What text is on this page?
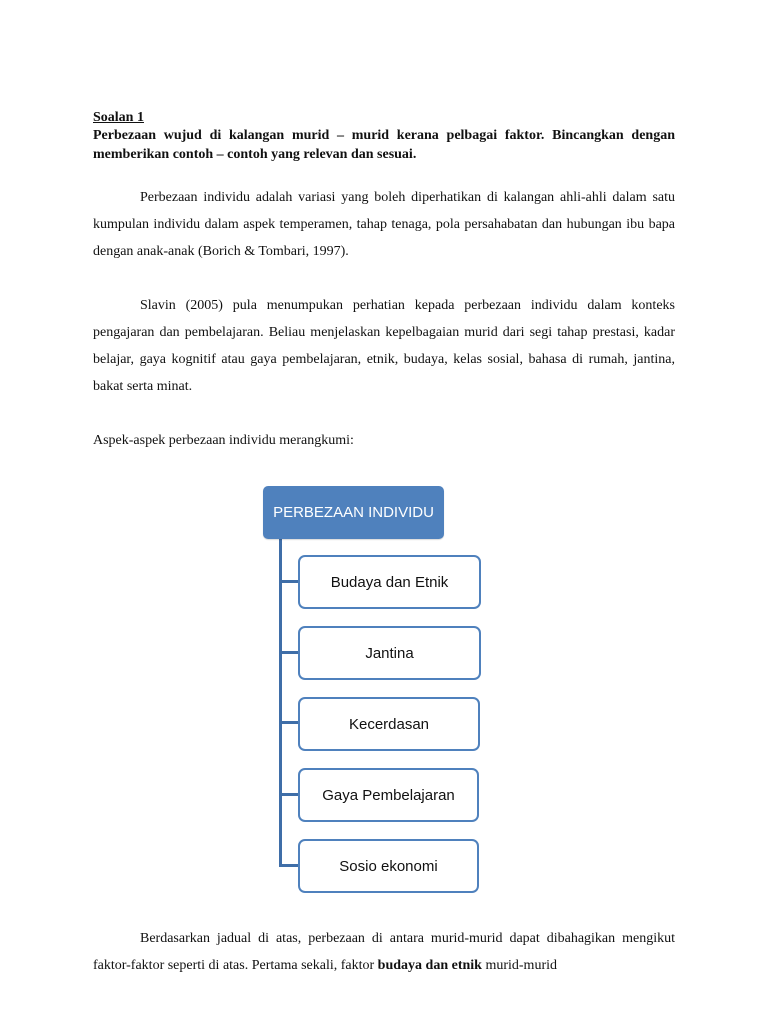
Soalan 1
Perbezaan wujud di kalangan murid – murid kerana pelbagai faktor. Bincangkan dengan memberikan contoh – contoh yang relevan dan sesuai.

Perbezaan individu adalah variasi yang boleh diperhatikan di kalangan ahli-ahli dalam satu kumpulan individu dalam aspek temperamen, tahap tenaga, pola persahabatan dan hubungan ibu bapa dengan anak-anak (Borich & Tombari, 1997).

Slavin (2005) pula menumpukan perhatian kepada perbezaan individu dalam konteks pengajaran dan pembelajaran. Beliau menjelaskan kepelbagaian murid dari segi tahap prestasi, kadar belajar, gaya kognitif atau gaya pembelajaran, etnik, budaya, kelas sosial, bahasa di rumah, jantina, bakat serta minat.

Aspek-aspek perbezaan individu merangkumi:

Berdasarkan jadual di atas, perbezaan di antara murid-murid dapat dibahagikan mengikut faktor-faktor seperti di atas. Pertama sekali, faktor budaya dan etnik murid-murid

PERBEZAAN INDIVIDU
Budaya dan Etnik
Jantina
Kecerdasan
Gaya Pembelajaran
Sosio ekonomi
